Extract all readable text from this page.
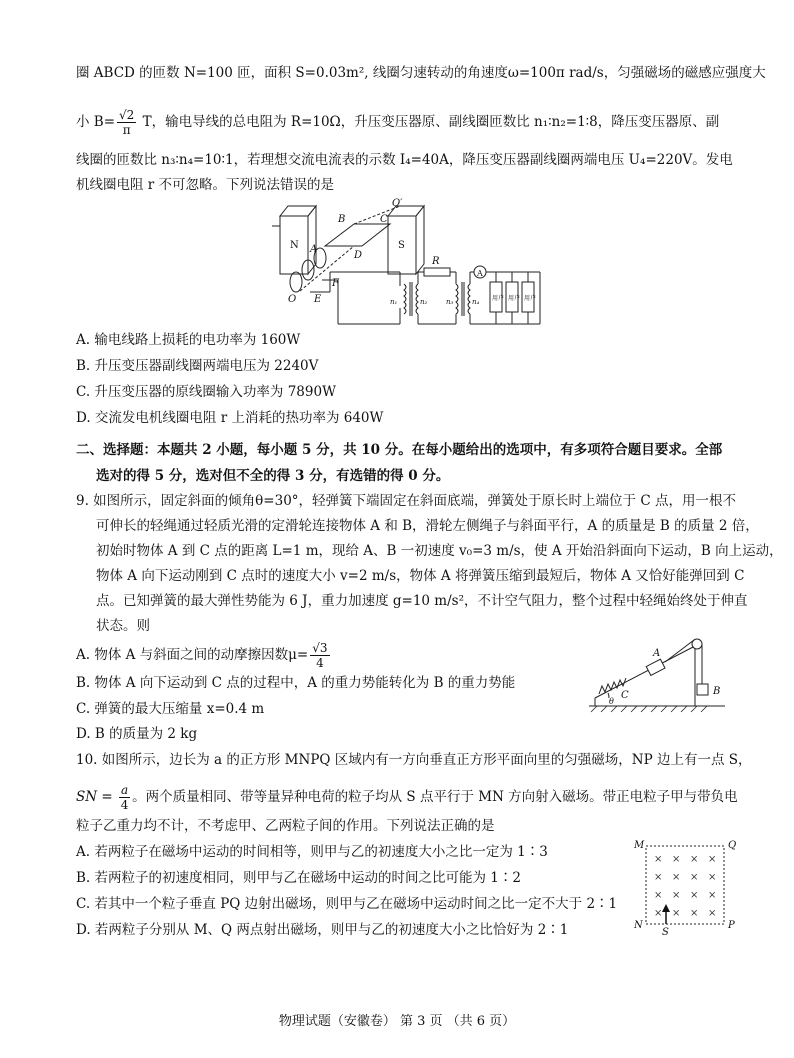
圈 ABCD 的匝数 N=100 匝，面积 S=0.03m², 线圈匀速转动的角速度ω=100π rad/s，匀强磁场的磁感应强度大
小 $B= \frac{√2}{\pi}$ T，输电导线的总电阻为 R=10Ω，升压变压器原、副线圈匝数比 n₁∶n₂=1∶8，降压变压器原、副
线圈的匝数比 n₃∶n₄=10∶1，若理想交流电流表的示数 I₄=40A，降压变压器副线圈两端电压 U₄=220V。发电
机线圈电阻 r 不可忽略。下列说法错误的是
N	S
B	C
O′
A
D
F
O E
R
A
n₁	n₂	n₃	n₄ 用户 用户 用户
A. 输电线路上损耗的电功率为 160W
B. 升压变压器副线圈两端电压为 2240V
C. 升压变压器的原线圈输入功率为 7890W
D. 交流发电机线圈电阻 r 上消耗的热功率为 640W
二、选择题：本题共 2 小题，每小题 5 分，共 10 分。在每小题给出的选项中，有多项符合题目要求。全部
选对的得 5 分，选对但不全的得 3 分，有选错的得 0 分。
9. 如图所示，固定斜面的倾角θ=30°，轻弹簧下端固定在斜面底端，弹簧处于原长时上端位于 C 点，用一根不
可伸长的轻绳通过轻质光滑的定滑轮连接物体 A 和 B，滑轮左侧绳子与斜面平行，A 的质量是 B 的质量 2 倍，
初始时物体 A 到 C 点的距离 L=1 m，现给 A、B 一初速度 v₀=3 m/s，使 A 开始沿斜面向下运动，B 向上运动，
物体 A 向下运动刚到 C 点时的速度大小 v=2 m/s，物体 A 将弹簧压缩到最短后，物体 A 又恰好能弹回到 C
点。已知弹簧的最大弹性势能为 6 J，重力加速度 g=10 m/s²，不计空气阻力，整个过程中轻绳始终处于伸直
状态。则
A. 物体 A 与斜面之间的动摩擦因数$\mu= \frac{√3}{4}$
B. 物体 A 向下运动到 C 点的过程中，A 的重力势能转化为 B 的重力势能
C. 弹簧的最大压缩量 x=0.4 m
D. B 的质量为 2 kg
A
B
C
θ
10. 如图所示，边长为 a 的正方形 MNPQ 区域内有一方向垂直正方形平面向里的匀强磁场，NP 边上有一点 S，
SN = $\frac{a}{4}$ 。两个质量相同、带等量异种电荷的粒子均从 S 点平行于 MN 方向射入磁场。带正电粒子甲与带负电
粒子乙重力均不计，不考虑甲、乙两粒子间的作用。下列说法正确的是
A. 若两粒子在磁场中运动的时间相等，则甲与乙的初速度大小之比一定为 1∶3
B. 若两粒子的初速度相同，则甲与乙在磁场中运动的时间之比可能为 1∶2
C. 若其中一个粒子垂直 PQ 边射出磁场，则甲与乙在磁场中运动时间之比一定不大于 2∶1
D. 若两粒子分别从 M、Q 两点射出磁场，则甲与乙的初速度大小之比恰好为 2∶1
× × × ×
× × × ×
× × × ×
× × × ×
M	Q
N	P
S
物理试题（安徽卷） 第 3 页 （共 6 页）
